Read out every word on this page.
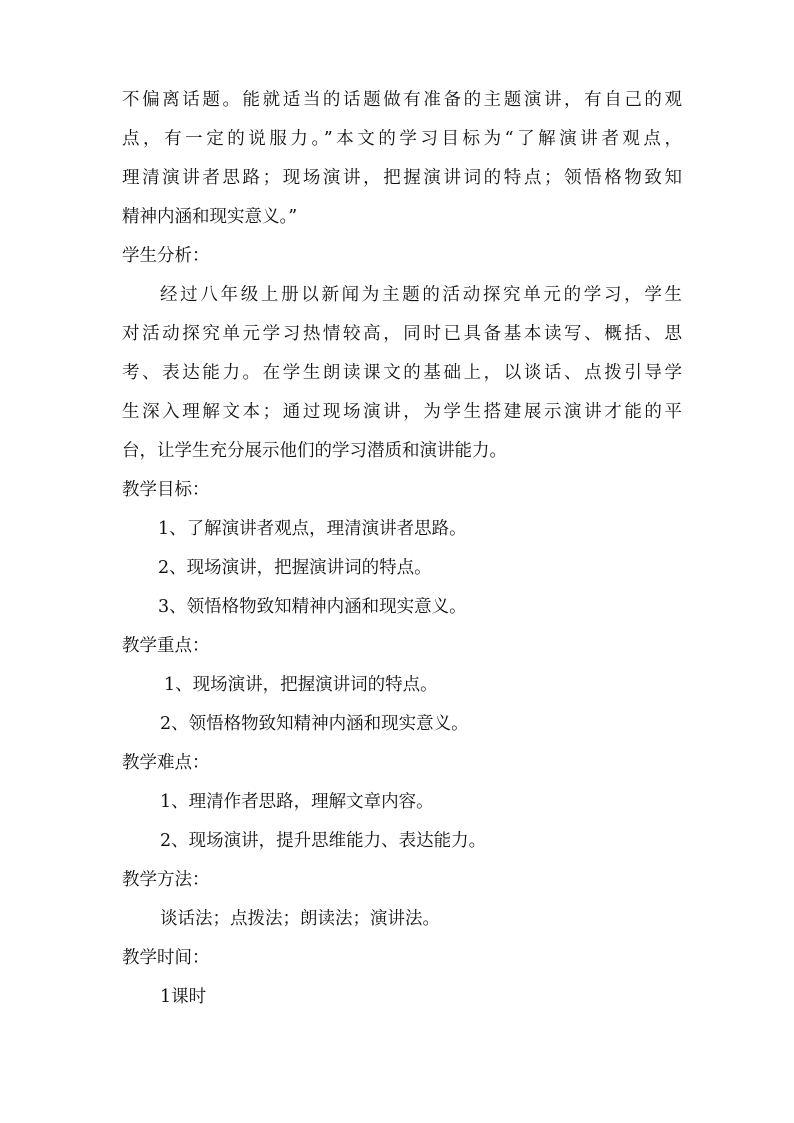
不偏离话题。能就适当的话题做有准备的主题演讲，有自己的观
点，有一定的说服力。”本文的学习目标为“了解演讲者观点，
理清演讲者思路；现场演讲，把握演讲词的特点；领悟格物致知
精神内涵和现实意义。”
学生分析：
经过八年级上册以新闻为主题的活动探究单元的学习，学生
对活动探究单元学习热情较高，同时已具备基本读写、概括、思
考、表达能力。在学生朗读课文的基础上，以谈话、点拨引导学
生深入理解文本；通过现场演讲，为学生搭建展示演讲才能的平
台，让学生充分展示他们的学习潜质和演讲能力。
教学目标：
1、了解演讲者观点，理清演讲者思路。
2、现场演讲，把握演讲词的特点。
3、领悟格物致知精神内涵和现实意义。
教学重点：
1、现场演讲，把握演讲词的特点。
2、领悟格物致知精神内涵和现实意义。
教学难点：
1、理清作者思路，理解文章内容。
2、现场演讲，提升思维能力、表达能力。
教学方法：
谈话法；点拨法；朗读法；演讲法。
教学时间：
1课时
